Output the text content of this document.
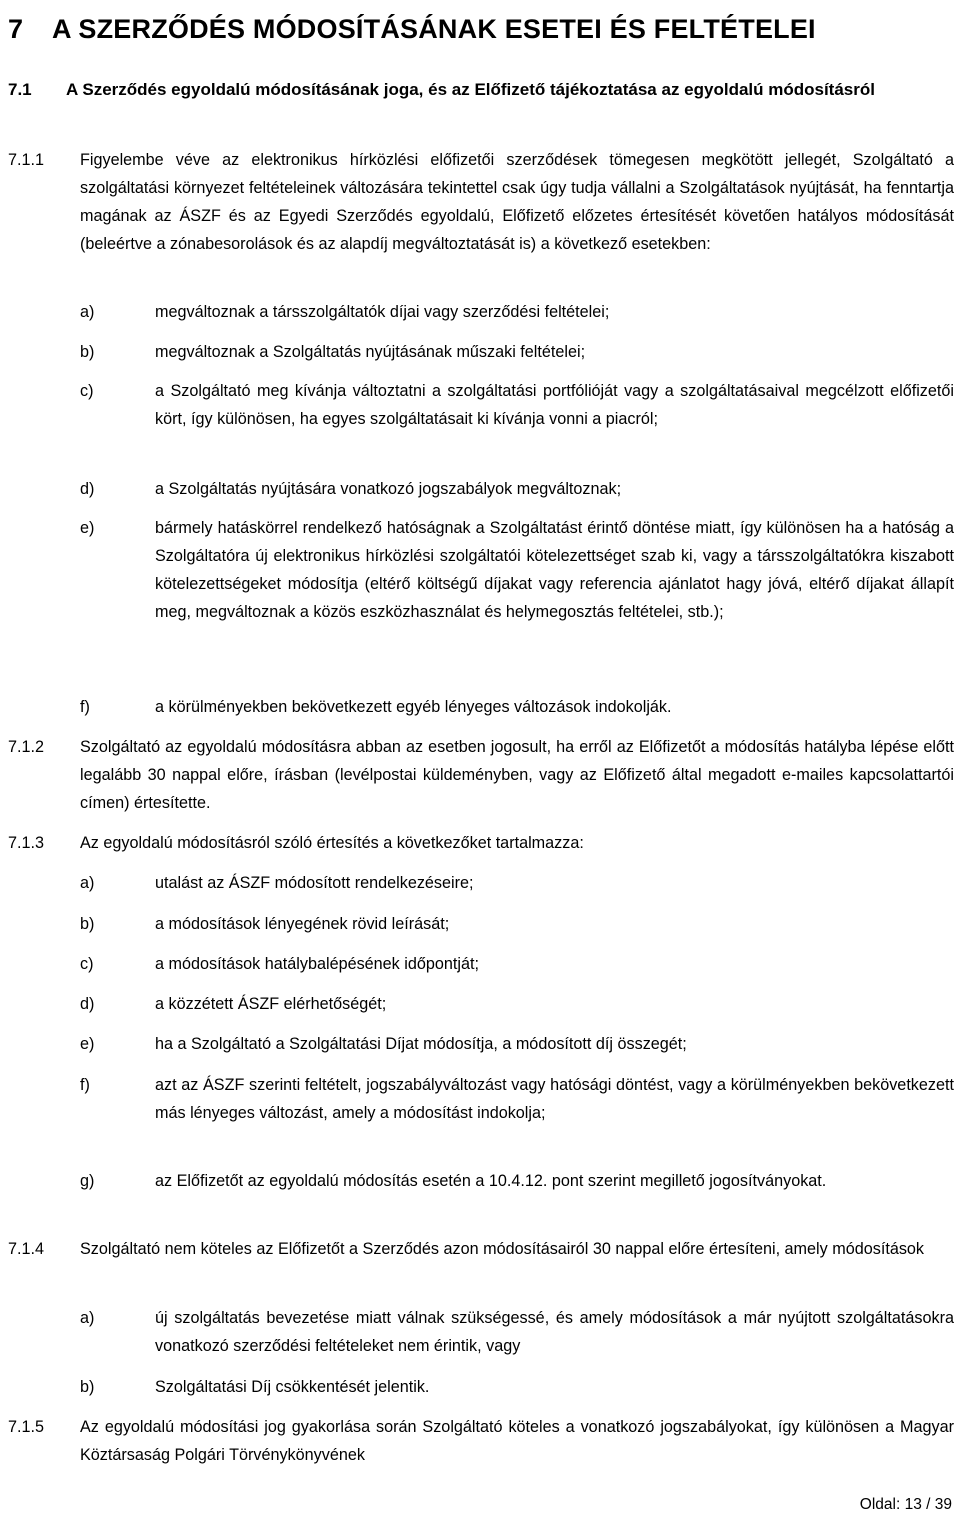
7 A SZERZŐDÉS MÓDOSÍTÁSÁNAK ESETEI ÉS FELTÉTELEI
7.1 A Szerződés egyoldalú módosításának joga, és az Előfizető tájékoztatása az egyoldalú módosításról
7.1.1 Figyelembe véve az elektronikus hírközlési előfizetői szerződések tömegesen megkötött jellegét, Szolgáltató a szolgáltatási környezet feltételeinek változására tekintettel csak úgy tudja vállalni a Szolgáltatások nyújtását, ha fenntartja magának az ÁSZF és az Egyedi Szerződés egyoldalú, Előfizető előzetes értesítését követően hatályos módosítását (beleértve a zónabesorolások és az alapdíj megváltoztatását is) a következő esetekben:
a)	megváltoznak a társszolgáltatók díjai vagy szerződési feltételei;
b)	megváltoznak a Szolgáltatás nyújtásának műszaki feltételei;
c)	a Szolgáltató meg kívánja változtatni a szolgáltatási portfólióját vagy a szolgáltatásaival megcélzott előfizetői kört, így különösen, ha egyes szolgáltatásait ki kívánja vonni a piacról;
d)	a Szolgáltatás nyújtására vonatkozó jogszabályok megváltoznak;
e)	bármely hatáskörrel rendelkező hatóságnak a Szolgáltatást érintő döntése miatt, így különösen ha a hatóság a Szolgáltatóra új elektronikus hírközlési szolgáltatói kötelezettséget szab ki, vagy a társszolgáltatókra kiszabott kötelezettségeket módosítja (eltérő költségű díjakat vagy referencia ajánlatot hagy jóvá, eltérő díjakat állapít meg, megváltoznak a közös eszközhasználat és helymegosztás feltételei, stb.);
f)	a körülményekben bekövetkezett egyéb lényeges változások indokolják.
7.1.2 Szolgáltató az egyoldalú módosításra abban az esetben jogosult, ha erről az Előfizetőt a módosítás hatályba lépése előtt legalább 30 nappal előre, írásban (levélpostai küldeményben, vagy az Előfizető által megadott e-mailes kapcsolattartói címen) értesítette.
7.1.3 Az egyoldalú módosításról szóló értesítés a következőket tartalmazza:
a)	utalást az ÁSZF módosított rendelkezéseire;
b)	a módosítások lényegének rövid leírását;
c)	a módosítások hatálybalépésének időpontját;
d)	a közzétett ÁSZF elérhetőségét;
e)	ha a Szolgáltató a Szolgáltatási Díjat módosítja, a módosított díj összegét;
f)	azt az ÁSZF szerinti feltételt, jogszabályváltozást vagy hatósági döntést, vagy a körülményekben bekövetkezett más lényeges változást, amely a módosítást indokolja;
g)	az Előfizetőt az egyoldalú módosítás esetén a 10.4.12. pont szerint megillető jogosítványokat.
7.1.4 Szolgáltató nem köteles az Előfizetőt a Szerződés azon módosításairól 30 nappal előre értesíteni, amely módosítások
a)	új szolgáltatás bevezetése miatt válnak szükségessé, és amely módosítások a már nyújtott szolgáltatásokra vonatkozó szerződési feltételeket nem érintik, vagy
b)	Szolgáltatási Díj csökkentését jelentik.
7.1.5 Az egyoldalú módosítási jog gyakorlása során Szolgáltató köteles a vonatkozó jogszabályokat, így különösen a Magyar Köztársaság Polgári Törvénykönyvének
Oldal: 13 / 39
